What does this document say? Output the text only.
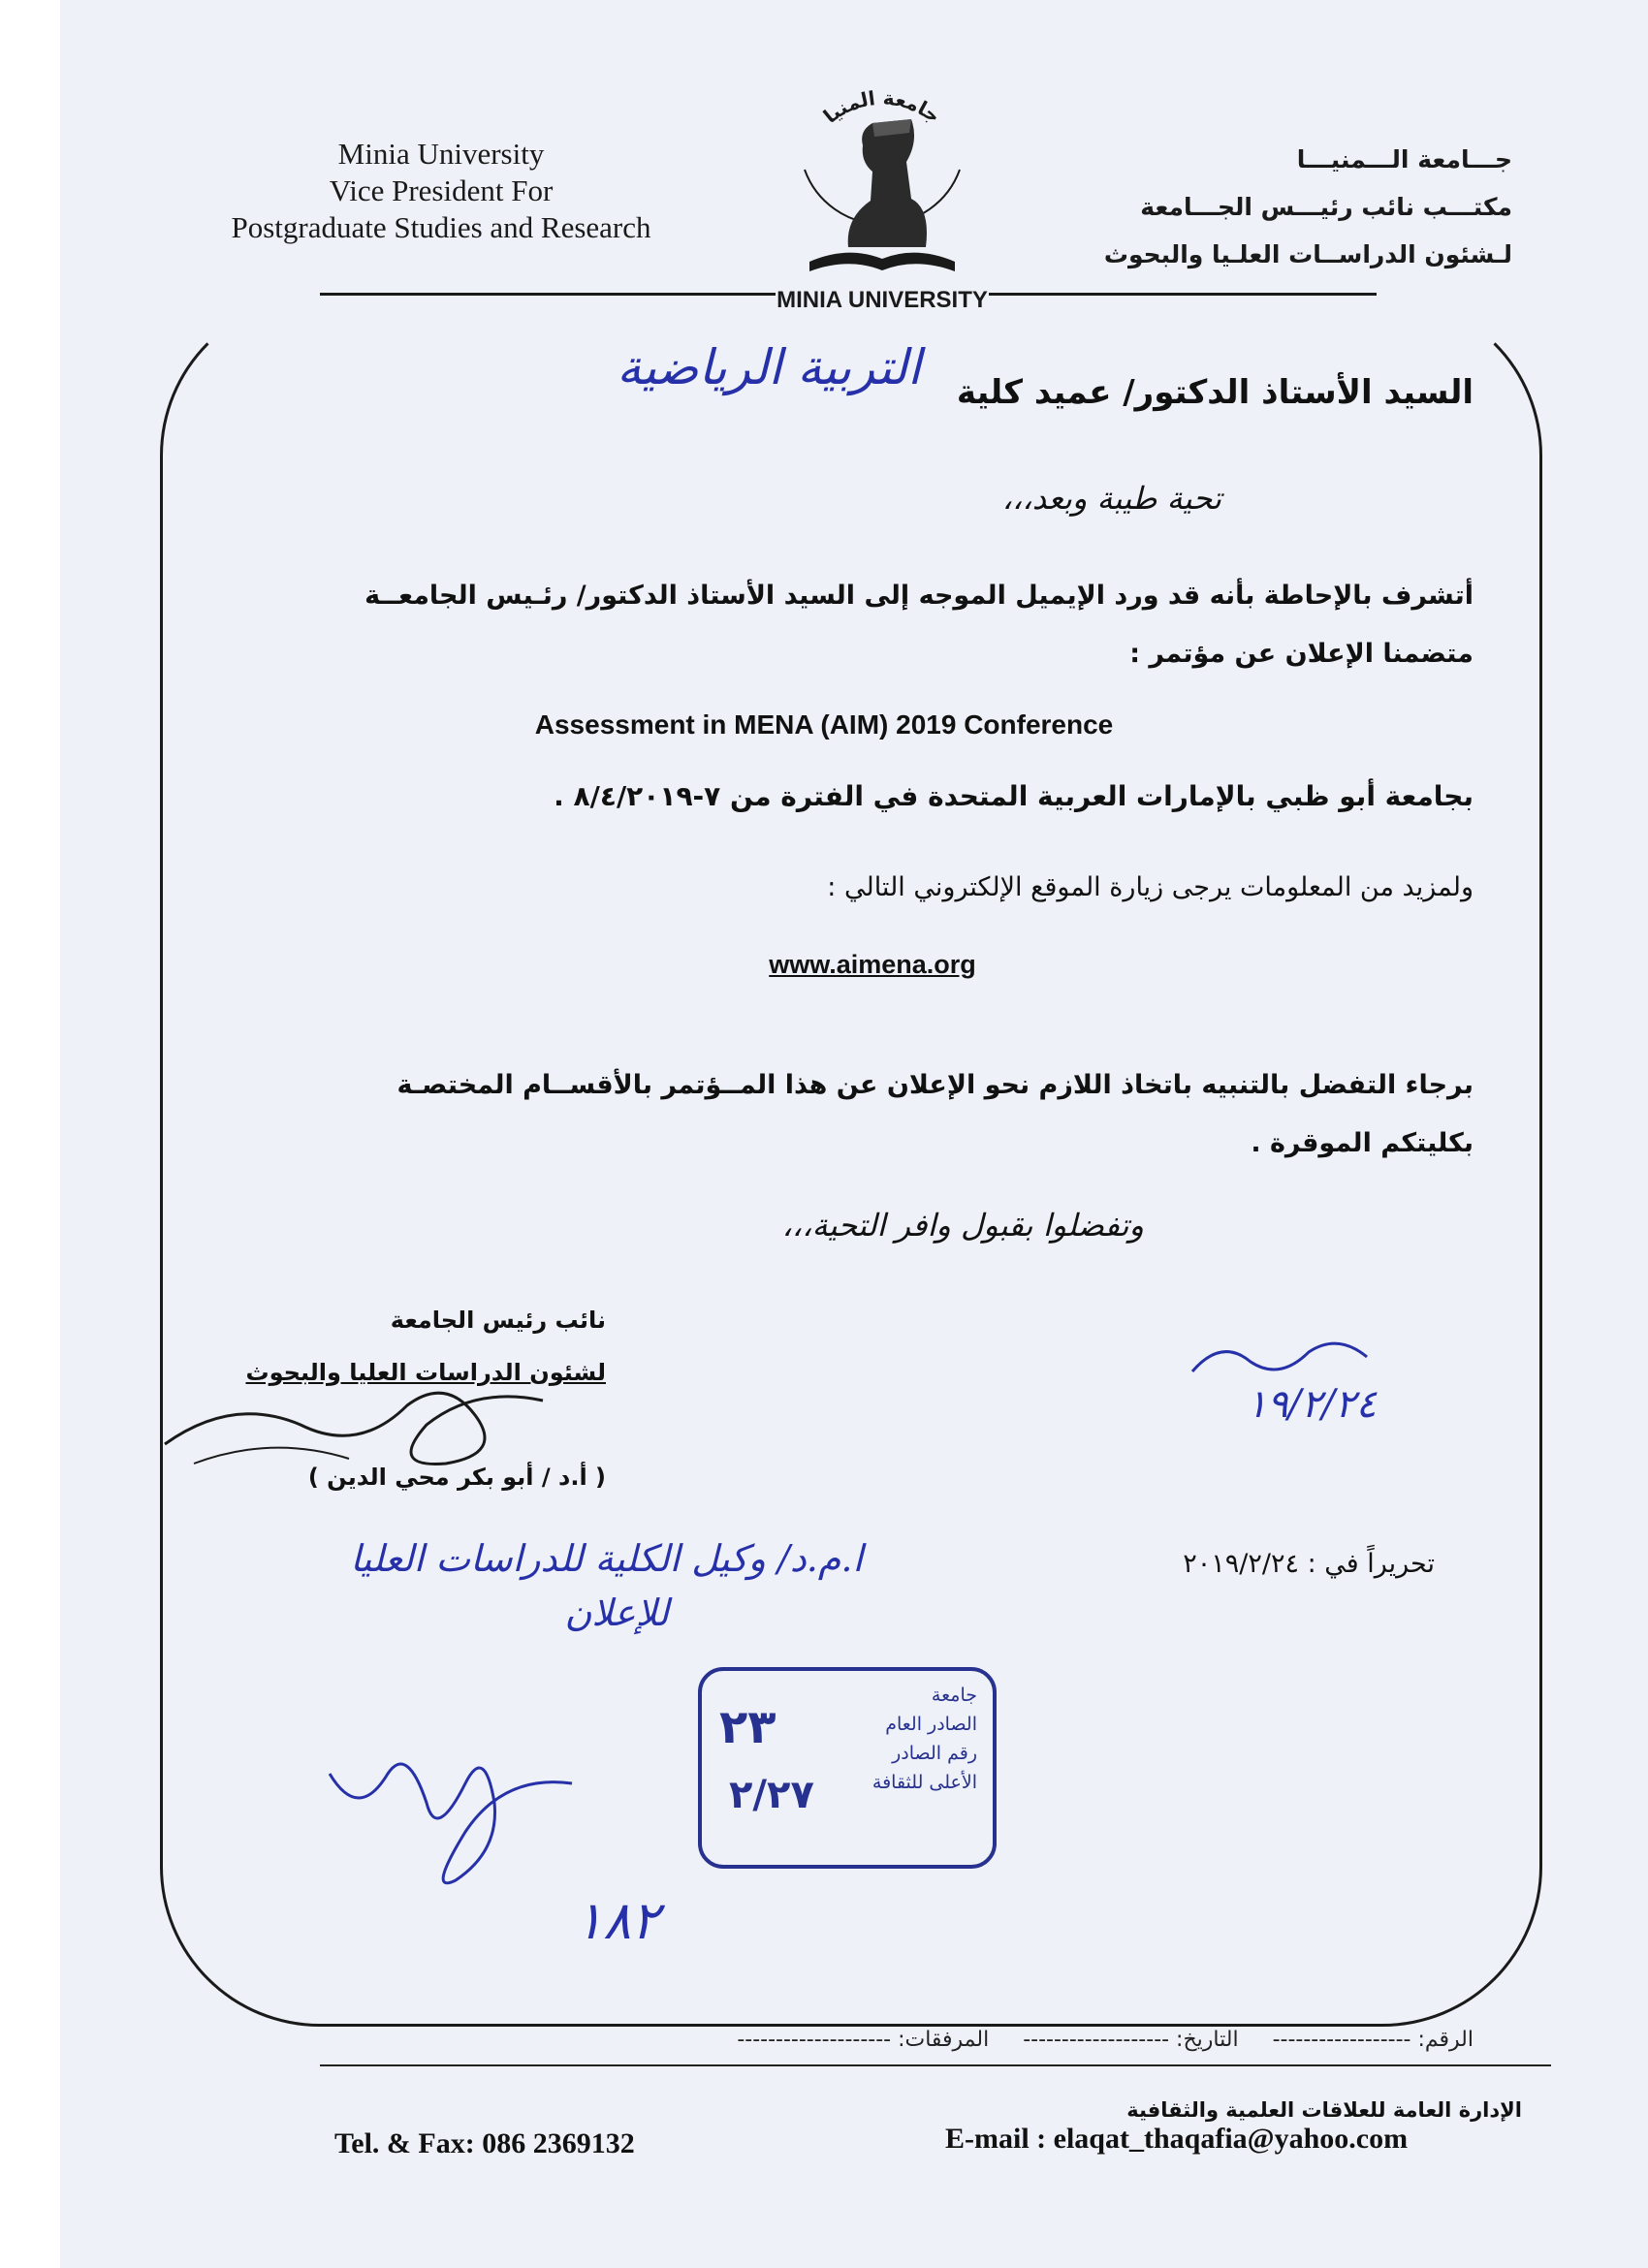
Minia University
Vice President For
Postgraduate Studies and Research
جـــامعة الـــمنيـــا
مكتـــب نائب رئيـــس الجـــامعة
لـشئون الدراســات العلـيا والبحوث
جامعة المنيا
MINIA UNIVERSITY
السيد الأستاذ الدكتور/ عميد كلية
التربية الرياضية
تحية طيبة وبعد،،،
أتشرف بالإحاطة بأنه قد ورد الإيميل الموجه إلى السيد الأستاذ الدكتور/ رئـيس الجامعــة
متضمنا الإعلان عن مؤتمر :
Assessment in MENA (AIM) 2019 Conference
بجامعة أبو ظبي بالإمارات العربية المتحدة في الفترة من ٧-٨/٤/٢٠١٩ .
ولمزيد من المعلومات يرجى زيارة الموقع الإلكتروني التالي :
www.aimena.org
برجاء التفضل بالتنبيه باتخاذ اللازم نحو الإعلان عن هذا المــؤتمر بالأقســام المختصـة
بكليتكم الموقرة .
وتفضلوا بقبول وافر التحية،،،
نائب رئيس الجامعة
لشئون الدراسات العليا والبحوث
( أ.د / أبو بكر محي الدين )
١٩/٢/٢٤
تحريراً في : ٢٠١٩/٢/٢٤
ا.م.د/ وكيل الكلية للدراسات العليا
للإعلان
٢٣
٢/٢٧
جامعة
الصادر العام
رقم الصادر
الأعلى للثقافة
١٨٢
الرقم: ------------------ التاريخ: ------------------- المرفقات: --------------------
الإدارة العامة للعلاقات العلمية والثقافية
Tel. & Fax: 086 2369132	E-mail : elaqat_thaqafia@yahoo.com
